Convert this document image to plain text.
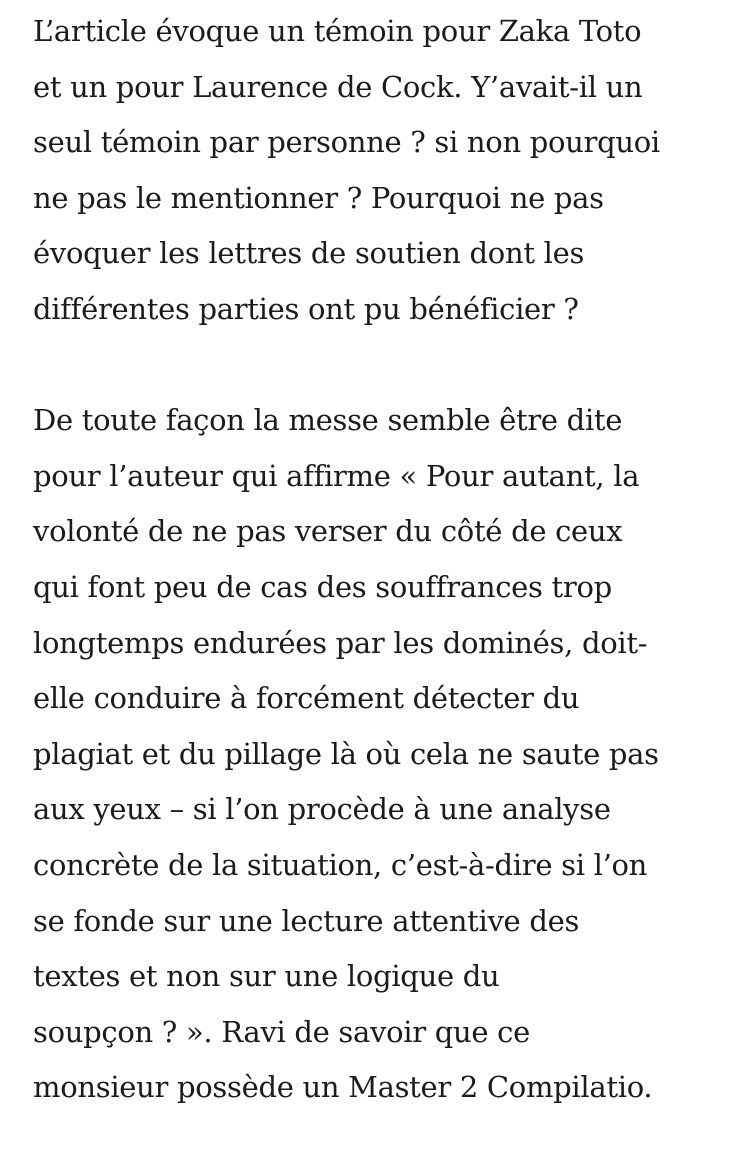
L’article évoque un témoin pour Zaka Toto
et un pour Laurence de Cock. Y’avait-il un
seul témoin par personne ? si non pourquoi
ne pas le mentionner ? Pourquoi ne pas
évoquer les lettres de soutien dont les
différentes parties ont pu bénéficier ?
De toute façon la messe semble être dite
pour l’auteur qui affirme « Pour autant, la
volonté de ne pas verser du côté de ceux
qui font peu de cas des souffrances trop
longtemps endurées par les dominés, doit-
elle conduire à forcément détecter du
plagiat et du pillage là où cela ne saute pas
aux yeux – si l’on procède à une analyse
concrète de la situation, c’est-à-dire si l’on
se fonde sur une lecture attentive des
textes et non sur une logique du
soupçon ? ». Ravi de savoir que ce
monsieur possède un Master 2 Compilatio.
